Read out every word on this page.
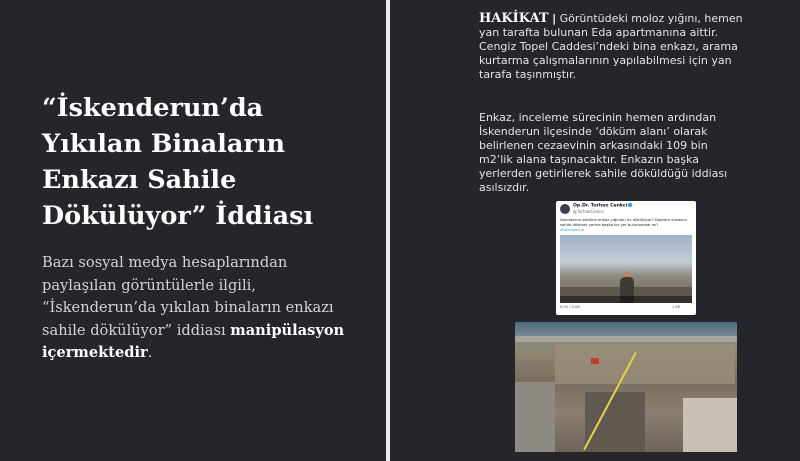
“İskenderun’da Yıkılan Binaların Enkazı Sahile Dökülüyor” İddiası

Bazı sosyal medya hesaplarından paylaşılan görüntülerle ilgili, “İskenderun’da yıkılan binaların enkazı sahile dökülüyor” iddiası manipülasyon içermektedir.

HAKİKAT | Görüntüdeki moloz yığını, hemen yan tarafta bulunan Eda apartmanına aittir. Cengiz Topel Caddesi’ndeki bina enkazı, arama kurtarma çalışmalarının yapılabilmesi için yan tarafa taşınmıştır.

Enkaz, inceleme sürecinin hemen ardından İskenderun ilçesinde ‘döküm alanı’ olarak belirlenen cezaevinin arkasındaki 109 bin m2’lik alana taşınacaktır. Enkazın başka yerlerden getirilerek sahile döküldüğü iddiası asılsızdır.

Op.Dr. Turhan Cenkci
@TurhanCenkci
İskenderun sahiline enkaz yığınları mı dökülüyor? Deprem enkazını sahile dökmek yerine başka bir yer bulunamadı mı?
#iskenderun
0:02 / 0:08	1.5B
